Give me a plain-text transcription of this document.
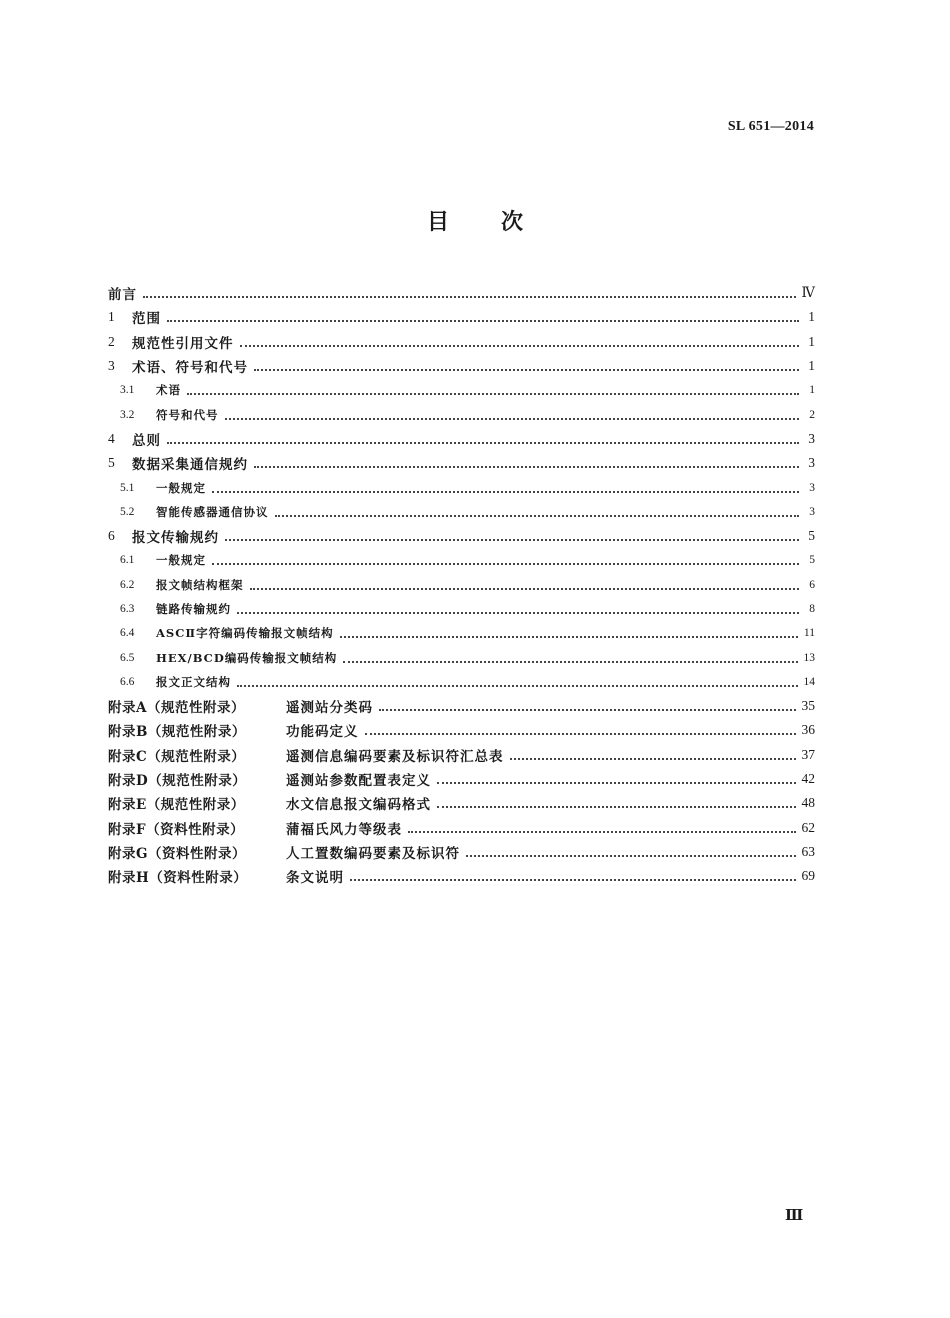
SL 651—2014
目 次
前言	Ⅳ
1	范围	1
2	规范性引用文件	1
3	术语、符号和代号	1
3.1	术语	1
3.2	符号和代号	2
4	总则	3
5	数据采集通信规约	3
5.1	一般规定	3
5.2	智能传感器通信协议	3
6	报文传输规约	5
6.1	一般规定	5
6.2	报文帧结构框架	6
6.3	链路传输规约	8
6.4	ASCⅡ字符编码传输报文帧结构	11
6.5	HEX/BCD编码传输报文帧结构	13
6.6	报文正文结构	14
附录A（规范性附录）	遥测站分类码	35
附录B（规范性附录）	功能码定义	36
附录C（规范性附录）	遥测信息编码要素及标识符汇总表	37
附录D（规范性附录）	遥测站参数配置表定义	42
附录E（规范性附录）	水文信息报文编码格式	48
附录F（资料性附录）	蒲福氏风力等级表	62
附录G（资料性附录）	人工置数编码要素及标识符	63
附录H（资料性附录）	条文说明	69
Ⅲ
